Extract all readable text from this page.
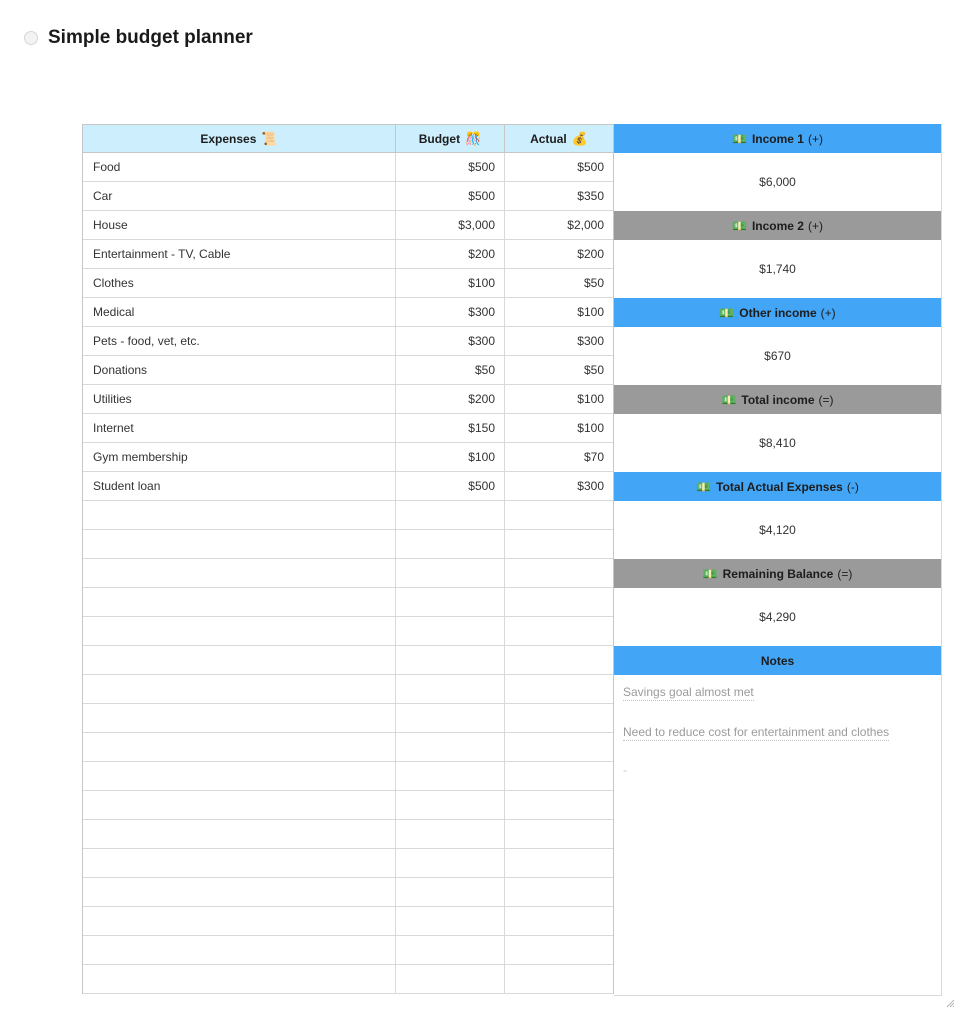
Simple budget planner
Expenses 📜	Budget 🎊	Actual 💰
Food	$500	$500
Car	$500	$350
House	$3,000	$2,000
Entertainment - TV, Cable	$200	$200
Clothes	$100	$50
Medical	$300	$100
Pets - food, vet, etc.	$300	$300
Donations	$50	$50
Utilities	$200	$100
Internet	$150	$100
Gym membership	$100	$70
Student loan	$500	$300
💵 Income 1 (+)
$6,000
💵 Income 2 (+)
$1,740
💵 Other income (+)
$670
💵 Total income (=)
$8,410
💵 Total Actual Expenses (-)
$4,120
💵 Remaining Balance (=)
$4,290
Notes
Savings goal almost met
Need to reduce cost for entertainment and clothes
-
